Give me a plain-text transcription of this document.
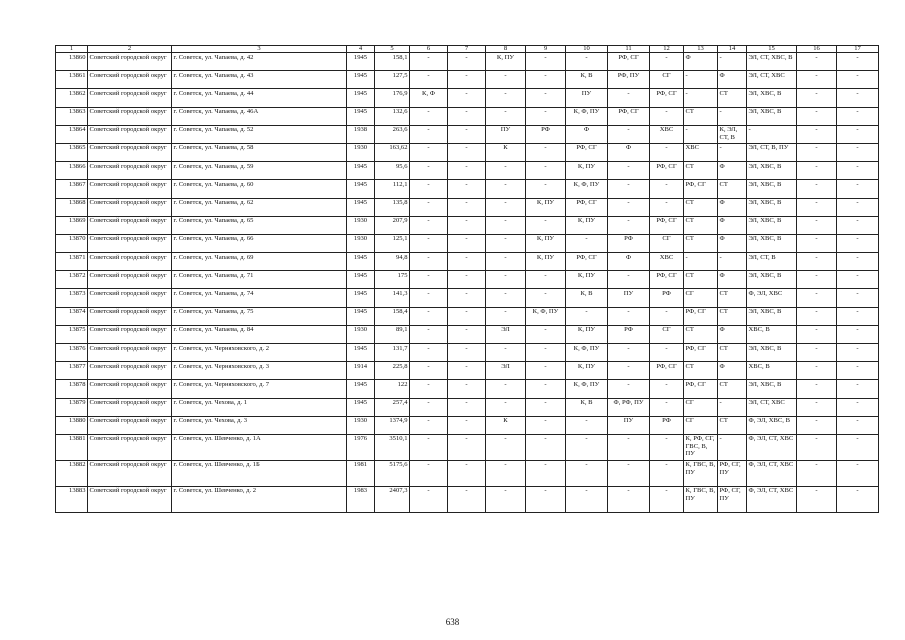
1	2	3	4	5	6	7	8	9	10	11	12	13	14	15	16	17
13860	Советский городской округ	г. Советск, ул. Чапаева, д. 42	1945	158,1	-	-	К, ПУ	-	-	РФ, СГ	-	Ф	-	ЭЛ, СТ, ХВС, В	-	-
13861	Советский городской округ	г. Советск, ул. Чапаева, д. 43	1945	127,5	-	-	-	-	К, В	РФ, ПУ	СГ	-	Ф	ЭЛ, СТ, ХВС	-	-
13862	Советский городской округ	г. Советск, ул. Чапаева, д. 44	1945	176,9	К, Ф	-	-	-	ПУ	-	РФ, СГ	-	СТ	ЭЛ, ХВС, В	-	-
13863	Советский городской округ	г. Советск, ул. Чапаева, д. 46А	1945	132,6	-	-	-	-	К, Ф, ПУ	РФ, СГ	-	СТ	-	ЭЛ, ХВС, В	-	-
13864	Советский городской округ	г. Советск, ул. Чапаева, д. 52	1938	263,6	-	-	ПУ	РФ	Ф	-	ХВС	-	К, ЭЛ, СТ, В	-	-	-
13865	Советский городской округ	г. Советск, ул. Чапаева, д. 58	1930	163,62	-	-	К	-	РФ, СГ	Ф	-	ХВС	-	ЭЛ, СТ, В, ПУ	-	-
13866	Советский городской округ	г. Советск, ул. Чапаева, д. 59	1945	95,6	-	-	-	-	К, ПУ	-	РФ, СГ	СТ	Ф	ЭЛ, ХВС, В	-	-
13867	Советский городской округ	г. Советск, ул. Чапаева, д. 60	1945	112,1	-	-	-	-	К, Ф, ПУ	-	-	РФ, СГ	СТ	ЭЛ, ХВС, В	-	-
13868	Советский городской округ	г. Советск, ул. Чапаева, д. 62	1945	135,8	-	-	-	К, ПУ	РФ, СГ	-	-	СТ	Ф	ЭЛ, ХВС, В	-	-
13869	Советский городской округ	г. Советск, ул. Чапаева, д. 65	1930	207,9	-	-	-	-	К, ПУ	-	РФ, СГ	СТ	Ф	ЭЛ, ХВС, В	-	-
13870	Советский городской округ	г. Советск, ул. Чапаева, д. 66	1930	125,1	-	-	-	К, ПУ	-	РФ	СГ	СТ	Ф	ЭЛ, ХВС, В	-	-
13871	Советский городской округ	г. Советск, ул. Чапаева, д. 69	1945	94,8	-	-	-	К, ПУ	РФ, СГ	Ф	ХВС	-	-	ЭЛ, СТ, В	-	-
13872	Советский городской округ	г. Советск, ул. Чапаева, д. 71	1945	175	-	-	-	-	К, ПУ	-	РФ, СГ	СТ	Ф	ЭЛ, ХВС, В	-	-
13873	Советский городской округ	г. Советск, ул. Чапаева, д. 74	1945	141,3	-	-	-	-	К, В	ПУ	РФ	СГ	СТ	Ф, ЭЛ, ХВС	-	-
13874	Советский городской округ	г. Советск, ул. Чапаева, д. 75	1945	158,4	-	-	-	К, Ф, ПУ	-	-	-	РФ, СГ	СТ	ЭЛ, ХВС, В	-	-
13875	Советский городской округ	г. Советск, ул. Чапаева, д. 84	1930	89,1	-	-	ЭЛ	-	К, ПУ	РФ	СГ	СТ	Ф	ХВС, В	-	-
13876	Советский городской округ	г. Советск, ул. Черняховского, д. 2	1945	131,7	-	-	-	-	К, Ф, ПУ	-	-	РФ, СГ	СТ	ЭЛ, ХВС, В	-	-
13877	Советский городской округ	г. Советск, ул. Черняховского, д. 3	1914	225,8	-	-	ЭЛ	-	К, ПУ	-	РФ, СГ	СТ	Ф	ХВС, В	-	-
13878	Советский городской округ	г. Советск, ул. Черняховского, д. 7	1945	122	-	-	-	-	К, Ф, ПУ	-	-	РФ, СГ	СТ	ЭЛ, ХВС, В	-	-
13879	Советский городской округ	г. Советск, ул. Чехова, д. 1	1945	257,4	-	-	-	-	К, В	Ф, РФ, ПУ	-	СГ	-	ЭЛ, СТ, ХВС	-	-
13880	Советский городской округ	г. Советск, ул. Чехова, д. 3	1930	1374,9	-	-	К	-	-	ПУ	РФ	СГ	СТ	Ф, ЭЛ, ХВС, В	-	-
13881	Советский городской округ	г. Советск, ул. Шевченко, д. 1А	1976	3510,1	-	-	-	-	-	-	-	К, РФ, СГ, ГВС, В, ПУ	-	Ф, ЭЛ, СТ, ХВС	-	-
13882	Советский городской округ	г. Советск, ул. Шевченко, д. 1Б	1981	5175,6	-	-	-	-	-	-	-	К, ГВС, В, ПУ	РФ, СГ, ПУ	Ф, ЭЛ, СТ, ХВС	-	-
13883	Советский городской округ	г. Советск, ул. Шевченко, д. 2	1983	2407,3	-	-	-	-	-	-	-	К, ГВС, В, ПУ	РФ, СГ, ПУ	Ф, ЭЛ, СТ, ХВС	-	-
638
